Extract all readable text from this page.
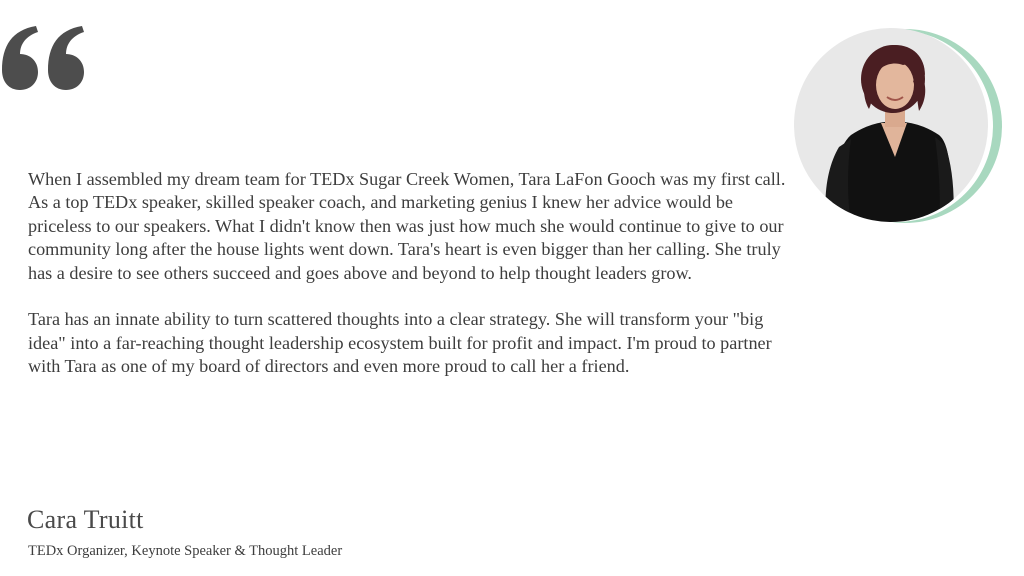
When I assembled my dream team for TEDx Sugar Creek Women, Tara LaFon Gooch was my first call. As a top TEDx speaker, skilled speaker coach, and marketing genius I knew her advice would be priceless to our speakers. What I didn't know then was just how much she would continue to give to our community long after the house lights went down. Tara's heart is even bigger than her calling. She truly has a desire to see others succeed and goes above and beyond to help thought leaders grow.

Tara has an innate ability to turn scattered thoughts into a clear strategy. She will transform your "big idea" into a far-reaching thought leadership ecosystem built for profit and impact. I'm proud to partner with Tara as one of my board of directors and even more proud to call her a friend.

Cara Truitt
TEDx Organizer, Keynote Speaker & Thought Leader
